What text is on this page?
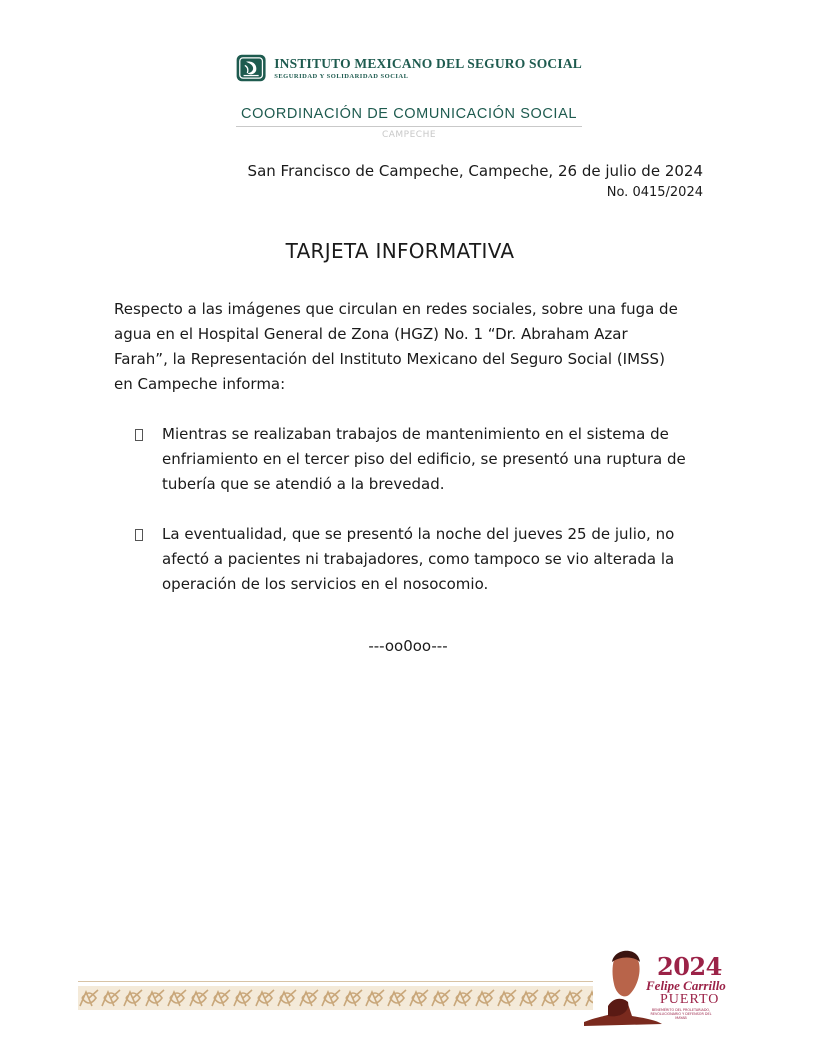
INSTITUTO MEXICANO DEL SEGURO SOCIAL
SEGURIDAD Y SOLIDARIDAD SOCIAL
COORDINACIÓN DE COMUNICACIÓN SOCIAL
CAMPECHE
San Francisco de Campeche, Campeche, 26 de julio de 2024
No. 0415/2024
TARJETA INFORMATIVA
Respecto a las imágenes que circulan en redes sociales, sobre una fuga de agua en el Hospital General de Zona (HGZ) No. 1 “Dr. Abraham Azar Farah”, la Representación del Instituto Mexicano del Seguro Social (IMSS) en Campeche informa:
Mientras se realizaban trabajos de mantenimiento en el sistema de enfriamiento en el tercer piso del edificio, se presentó una ruptura de tubería que se atendió a la brevedad.
La eventualidad, que se presentó la noche del jueves 25 de julio, no afectó a pacientes ni trabajadores, como tampoco se vio alterada la operación de los servicios en el nosocomio.
---oo0oo---
2024
Felipe Carrillo
PUERTO
BENEMÉRITO DEL PROLETARIADO, REVOLUCIONARIO Y DEFENSOR DEL MAYAB
